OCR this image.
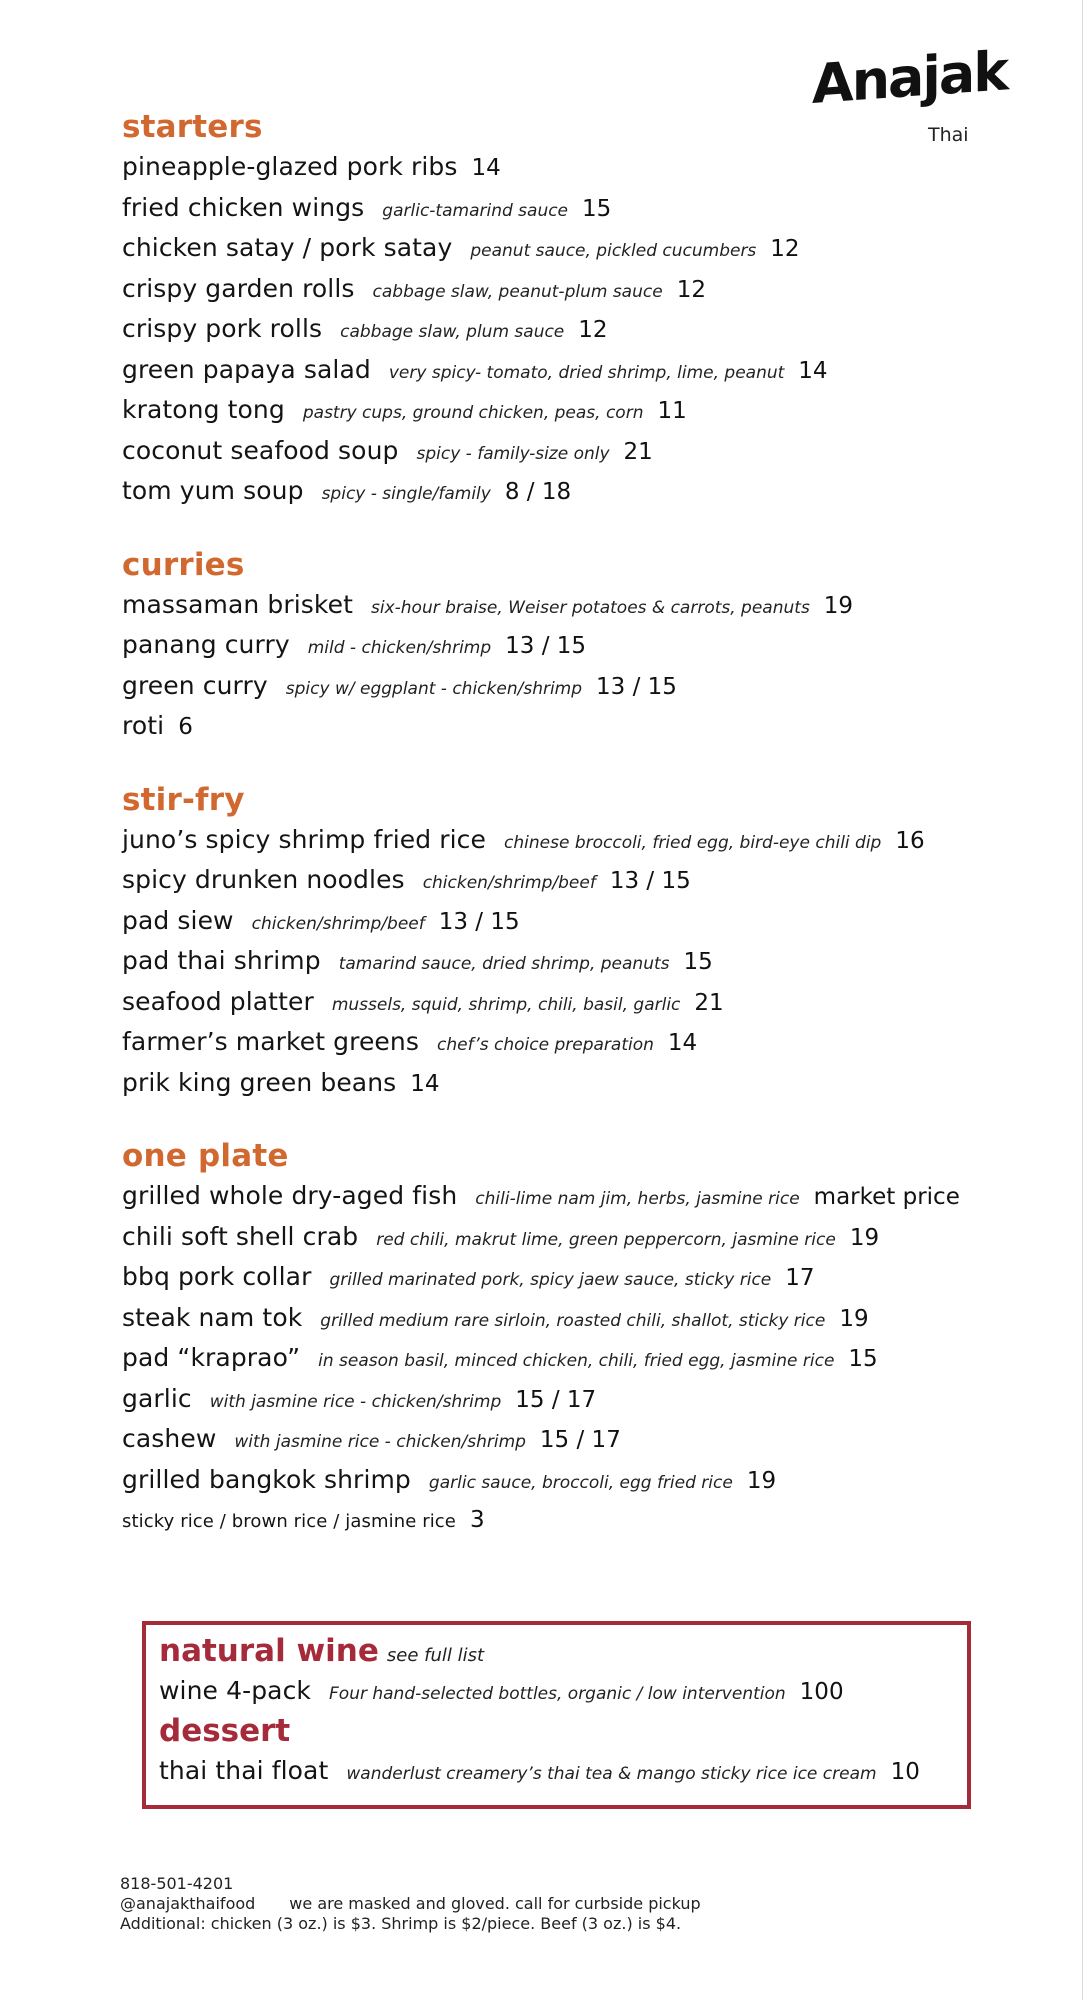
Anajak
Thai
starters
pineapple-glazed pork ribs 14
fried chicken wings garlic-tamarind sauce 15
chicken satay / pork satay peanut sauce, pickled cucumbers 12
crispy garden rolls cabbage slaw, peanut-plum sauce 12
crispy pork rolls cabbage slaw, plum sauce 12
green papaya salad very spicy- tomato, dried shrimp, lime, peanut 14
kratong tong pastry cups, ground chicken, peas, corn 11
coconut seafood soup spicy - family-size only 21
tom yum soup spicy - single/family 8 / 18
curries
massaman brisket six-hour braise, Weiser potatoes & carrots, peanuts 19
panang curry mild - chicken/shrimp 13 / 15
green curry spicy w/ eggplant - chicken/shrimp 13 / 15
roti 6
stir-fry
juno’s spicy shrimp fried rice chinese broccoli, fried egg, bird-eye chili dip 16
spicy drunken noodles chicken/shrimp/beef 13 / 15
pad siew chicken/shrimp/beef 13 / 15
pad thai shrimp tamarind sauce, dried shrimp, peanuts 15
seafood platter mussels, squid, shrimp, chili, basil, garlic 21
farmer’s market greens chef’s choice preparation 14
prik king green beans 14
one plate
grilled whole dry-aged fish chili-lime nam jim, herbs, jasmine rice market price
chili soft shell crab red chili, makrut lime, green peppercorn, jasmine rice 19
bbq pork collar grilled marinated pork, spicy jaew sauce, sticky rice 17
steak nam tok grilled medium rare sirloin, roasted chili, shallot, sticky rice 19
pad “kraprao” in season basil, minced chicken, chili, fried egg, jasmine rice 15
garlic with jasmine rice - chicken/shrimp 15 / 17
cashew with jasmine rice - chicken/shrimp 15 / 17
grilled bangkok shrimp garlic sauce, broccoli, egg fried rice 19
sticky rice / brown rice / jasmine rice 3
natural wine see full list
wine 4-pack Four hand-selected bottles, organic / low intervention 100
dessert
thai thai float wanderlust creamery’s thai tea & mango sticky rice ice cream 10
818-501-4201
@anajakthaifood we are masked and gloved. call for curbside pickup
Additional: chicken (3 oz.) is $3. Shrimp is $2/piece. Beef (3 oz.) is $4.
